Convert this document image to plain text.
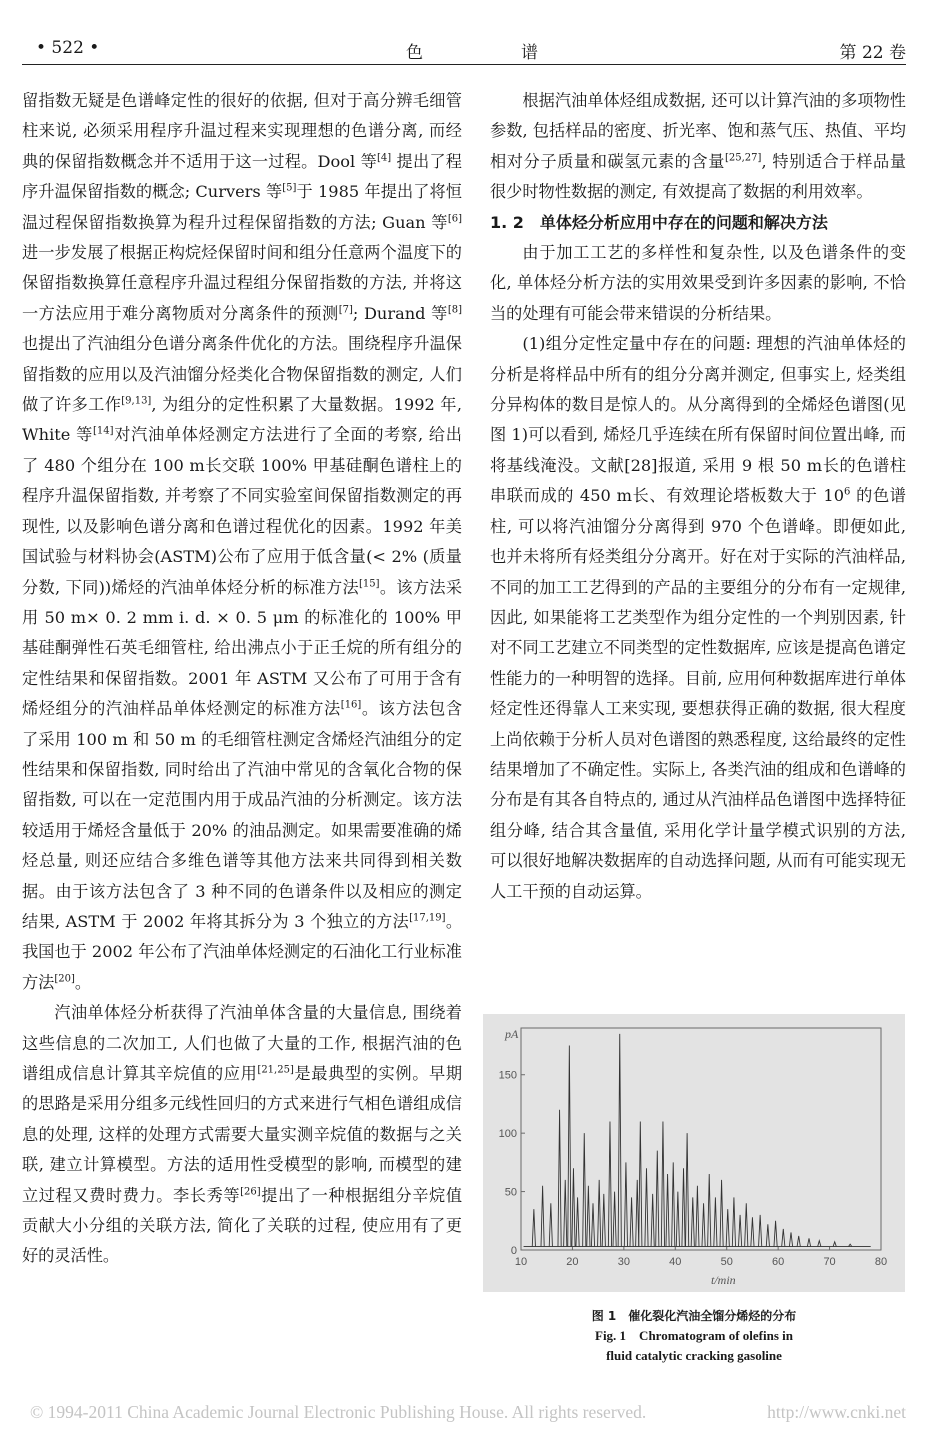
• 522 •	色谱	第 22 卷

留指数无疑是色谱峰定性的很好的依据, 但对于高分辨毛细管柱来说, 必须采用程序升温过程来实现理想的色谱分离, 而经典的保留指数概念并不适用于这一过程。Dool 等[4] 提出了程序升温保留指数的概念; Curvers 等[5]于 1985 年提出了将恒温过程保留指数换算为程升过程保留指数的方法; Guan 等[6]进一步发展了根据正构烷烃保留时间和组分任意两个温度下的保留指数换算任意程序升温过程组分保留指数的方法, 并将这一方法应用于难分离物质对分离条件的预测[7]; Durand 等[8]也提出了汽油组分色谱分离条件优化的方法。围绕程序升温保留指数的应用以及汽油馏分烃类化合物保留指数的测定, 人们做了许多工作[9,13], 为组分的定性积累了大量数据。1992 年, White 等[14]对汽油单体烃测定方法进行了全面的考察, 给出了 480 个组分在 100 m长交联 100% 甲基硅酮色谱柱上的程序升温保留指数, 并考察了不同实验室间保留指数测定的再现性, 以及影响色谱分离和色谱过程优化的因素。1992 年美国试验与材料协会(ASTM)公布了应用于低含量(< 2% (质量分数, 下同))烯烃的汽油单体烃分析的标准方法[15]。该方法采用 50 m× 0. 2 mm i. d. × 0. 5 μm 的标准化的 100% 甲基硅酮弹性石英毛细管柱, 给出沸点小于正壬烷的所有组分的定性结果和保留指数。2001 年 ASTM 又公布了可用于含有烯烃组分的汽油样品单体烃测定的标准方法[16]。该方法包含了采用 100 m 和 50 m 的毛细管柱测定含烯烃汽油组分的定性结果和保留指数, 同时给出了汽油中常见的含氧化合物的保留指数, 可以在一定范围内用于成品汽油的分析测定。该方法较适用于烯烃含量低于 20% 的油品测定。如果需要准确的烯烃总量, 则还应结合多维色谱等其他方法来共同得到相关数据。由于该方法包含了 3 种不同的色谱条件以及相应的测定结果, ASTM 于 2002 年将其拆分为 3 个独立的方法[17,19]。我国也于 2002 年公布了汽油单体烃测定的石油化工行业标准方法[20]。

汽油单体烃分析获得了汽油单体含量的大量信息, 围绕着这些信息的二次加工, 人们也做了大量的工作, 根据汽油的色谱组成信息计算其辛烷值的应用[21,25]是最典型的实例。早期的思路是采用分组多元线性回归的方式来进行气相色谱组成信息的处理, 这样的处理方式需要大量实测辛烷值的数据与之关联, 建立计算模型。方法的适用性受模型的影响, 而模型的建立过程又费时费力。李长秀等[26]提出了一种根据组分辛烷值贡献大小分组的关联方法, 简化了关联的过程, 使应用有了更好的灵活性。

根据汽油单体烃组成数据, 还可以计算汽油的多项物性参数, 包括样品的密度、折光率、饱和蒸气压、热值、平均相对分子质量和碳氢元素的含量[25,27], 特别适合于样品量很少时物性数据的测定, 有效提高了数据的利用效率。

1. 2　单体烃分析应用中存在的问题和解决方法

由于加工工艺的多样性和复杂性, 以及色谱条件的变化, 单体烃分析方法的实用效果受到许多因素的影响, 不恰当的处理有可能会带来错误的分析结果。

(1)组分定性定量中存在的问题: 理想的汽油单体烃的分析是将样品中所有的组分分离并测定, 但事实上, 烃类组分异构体的数目是惊人的。从分离得到的全烯烃色谱图(见图 1)可以看到, 烯烃几乎连续在所有保留时间位置出峰, 而将基线淹没。文献[28]报道, 采用 9 根 50 m长的色谱柱串联而成的 450 m长、有效理论塔板数大于 $10^6$ 的色谱柱, 可以将汽油馏分分离得到 970 个色谱峰。即便如此, 也并未将所有烃类组分分离开。好在对于实际的汽油样品, 不同的加工工艺得到的产品的主要组分的分布有一定规律, 因此, 如果能将工艺类型作为组分定性的一个判别因素, 针对不同工艺建立不同类型的定性数据库, 应该是提高色谱定性能力的一种明智的选择。目前, 应用何种数据库进行单体烃定性还得靠人工来实现, 要想获得正确的数据, 很大程度上尚依赖于分析人员对色谱图的熟悉程度, 这给最终的定性结果增加了不确定性。实际上, 各类汽油的组成和色谱峰的分布是有其各自特点的, 通过从汽油样品色谱图中选择特征组分峰, 结合其含量值, 采用化学计量学模式识别的方法, 可以很好地解决数据库的自动选择问题, 从而有可能实现无人工干预的自动运算。

pA
t/min
10	20	30	40	50	60	70	80
0
50
100
150
图 1　催化裂化汽油全馏分烯烃的分布
Fig. 1　Chromatogram of olefins in
fluid catalytic cracking gasoline
© 1994-2011 China Academic Journal Electronic Publishing House. All rights reserved.	http://www.cnki.net
